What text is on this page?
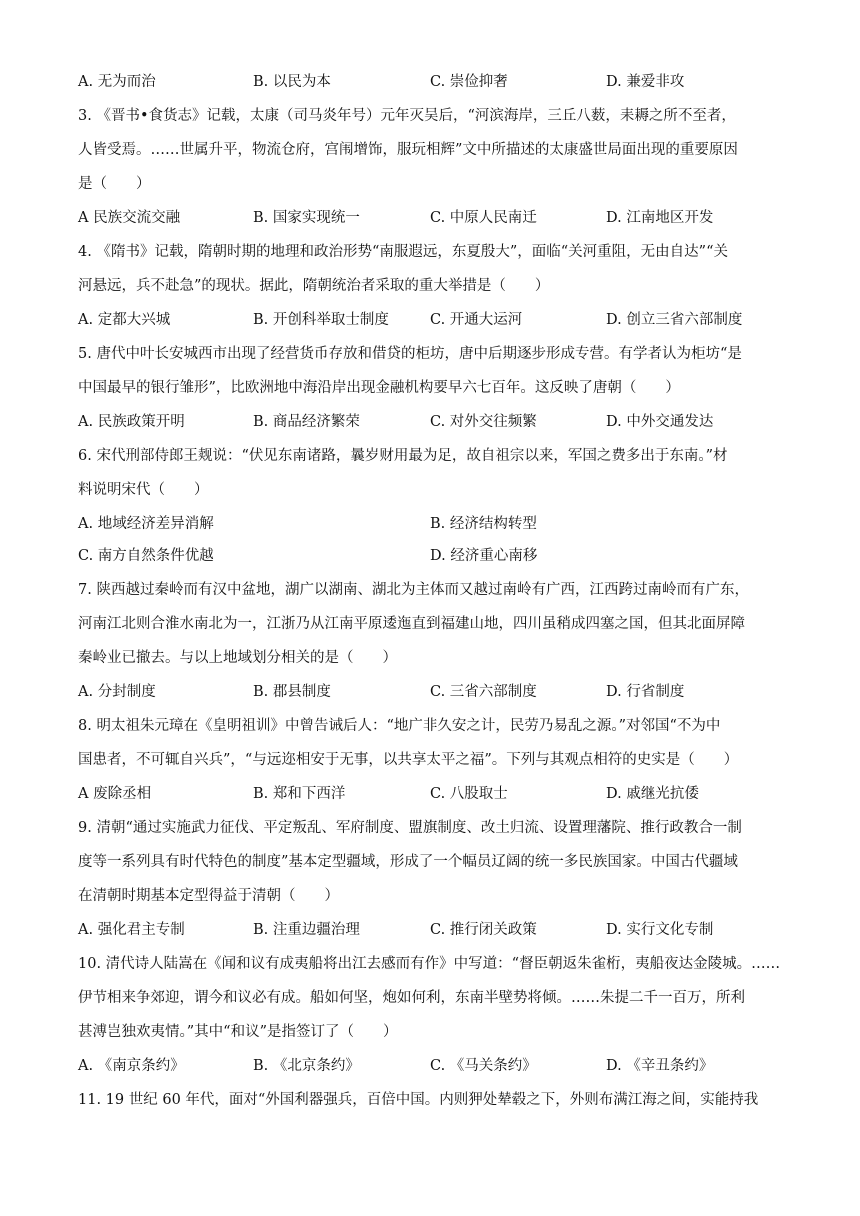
A. 无为而治	B. 以民为本	C. 崇俭抑奢	D. 兼爱非攻
3. 《晋书•食货志》记载，太康（司马炎年号）元年灭吴后，“河滨海岸，三丘八薮，耒耨之所不至者，
人皆受焉。……世属升平，物流仓府，宫闱增饰，服玩相辉”文中所描述的太康盛世局面出现的重要原因
是（　　）
A 民族交流交融	B. 国家实现统一	C. 中原人民南迁	D. 江南地区开发
4. 《隋书》记载，隋朝时期的地理和政治形势“南服遐远，东夏殷大”，面临“关河重阻，无由自达”“关
河悬远，兵不赴急”的现状。据此，隋朝统治者采取的重大举措是（　　）
A. 定都大兴城	B. 开创科举取士制度	C. 开通大运河	D. 创立三省六部制度
5. 唐代中叶长安城西市出现了经营货币存放和借贷的柜坊，唐中后期逐步形成专营。有学者认为柜坊“是
中国最早的银行雏形”，比欧洲地中海沿岸出现金融机构要早六七百年。这反映了唐朝（　　）
A. 民族政策开明	B. 商品经济繁荣	C. 对外交往频繁	D. 中外交通发达
6. 宋代刑部侍郎王觌说：“伏见东南诸路，曩岁财用最为足，故自祖宗以来，军国之费多出于东南。”材
料说明宋代（　　）
A. 地域经济差异消解	B. 经济结构转型
C. 南方自然条件优越	D. 经济重心南移
7. 陕西越过秦岭而有汉中盆地，湖广以湖南、湖北为主体而又越过南岭有广西，江西跨过南岭而有广东，
河南江北则合淮水南北为一，江浙乃从江南平原逶迤直到福建山地，四川虽稍成四塞之国，但其北面屏障
秦岭业已撤去。与以上地域划分相关的是（　　）
A. 分封制度	B. 郡县制度	C. 三省六部制度	D. 行省制度
8. 明太祖朱元璋在《皇明祖训》中曾告诫后人：“地广非久安之计，民劳乃易乱之源。”对邻国“不为中
国患者，不可辄自兴兵”，“与远迩相安于无事，以共享太平之福”。下列与其观点相符的史实是（　　）
A 废除丞相	B. 郑和下西洋	C. 八股取士	D. 戚继光抗倭
9. 清朝“通过实施武力征伐、平定叛乱、军府制度、盟旗制度、改土归流、设置理藩院、推行政教合一制
度等一系列具有时代特色的制度”基本定型疆域，形成了一个幅员辽阔的统一多民族国家。中国古代疆域
在清朝时期基本定型得益于清朝（　　）
A. 强化君主专制	B. 注重边疆治理	C. 推行闭关政策	D. 实行文化专制
10. 清代诗人陆嵩在《闻和议有成夷船将出江去感而有作》中写道：“督臣朝返朱雀桁，夷船夜达金陵城。……
伊节相来争郊迎，谓今和议必有成。船如何坚，炮如何利，东南半壁势将倾。……朱提二千一百万，所利
甚溥岂独欢夷情。”其中“和议”是指签订了（　　）
A. 《南京条约》	B. 《北京条约》	C. 《马关条约》	D. 《辛丑条约》
11. 19 世纪 60 年代，面对“外国利器强兵，百倍中国。内则狎处辇毂之下，外则布满江海之间，实能持我
